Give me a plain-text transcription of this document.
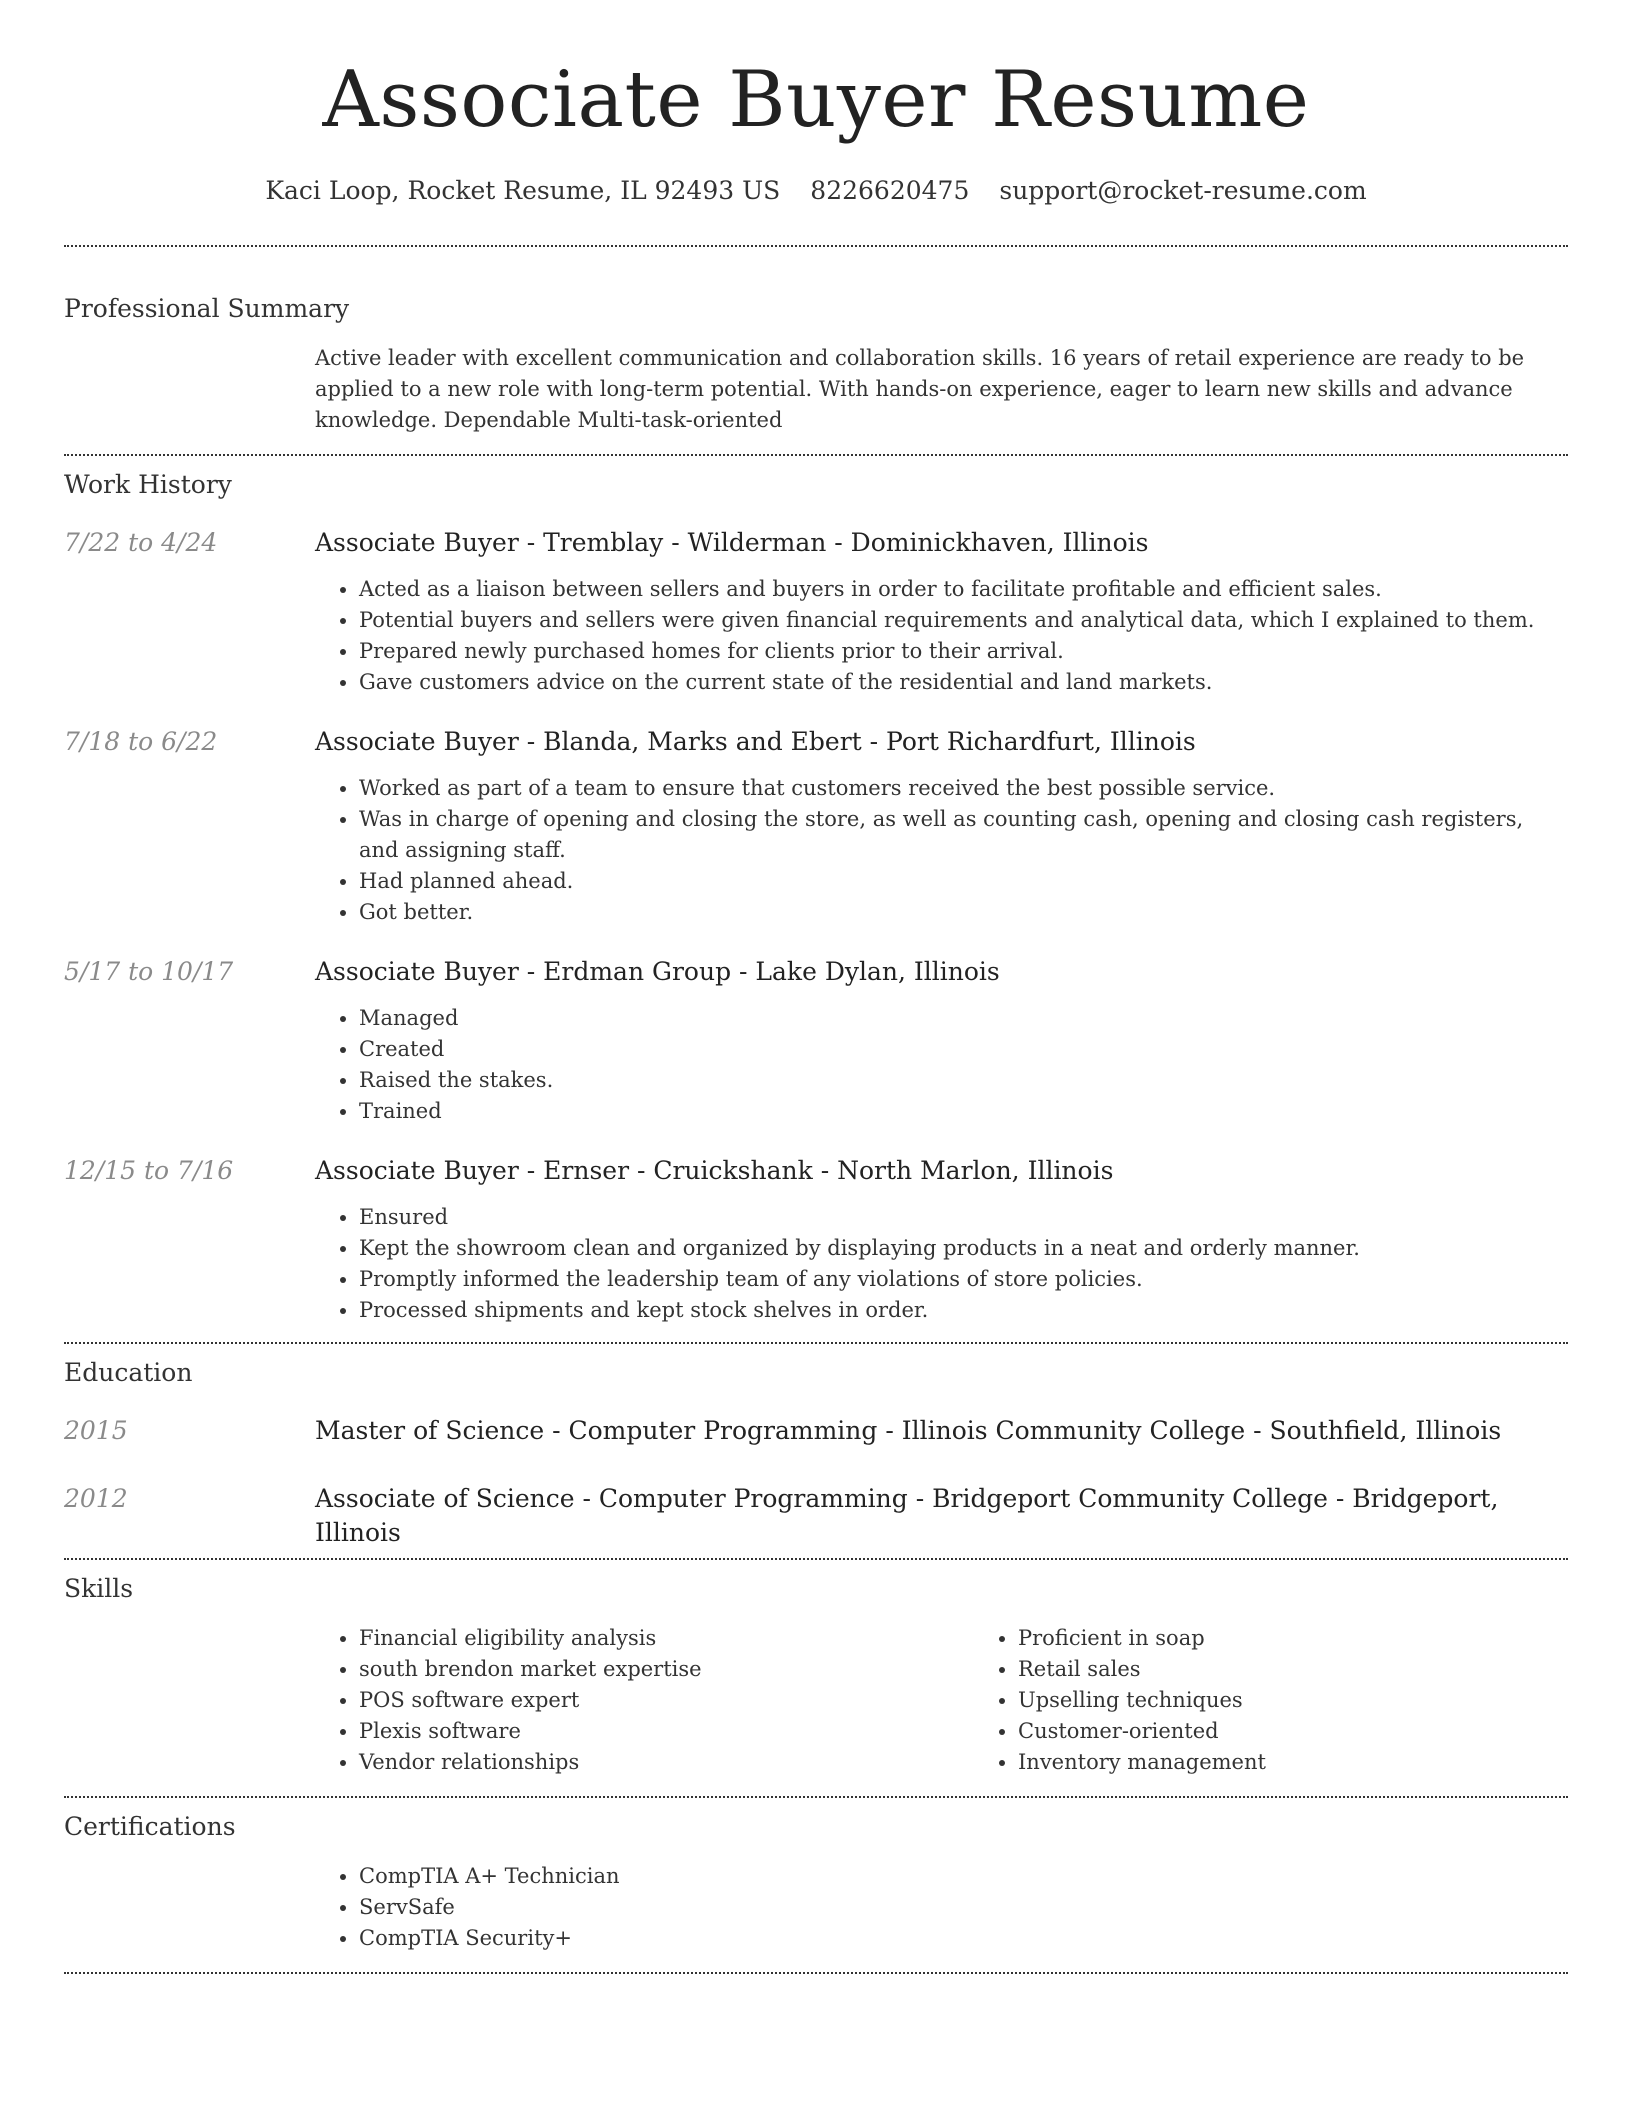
Associate Buyer Resume
Kaci Loop, Rocket Resume, IL 92493 US 8226620475 support@rocket-resume.com
Professional Summary
Active leader with excellent communication and collaboration skills. 16 years of retail experience are ready to be applied to a new role with long-term potential. With hands-on experience, eager to learn new skills and advance knowledge. Dependable Multi-task-oriented
Work History
7/22 to 4/24	Associate Buyer - Tremblay - Wilderman - Dominickhaven, Illinois
• Acted as a liaison between sellers and buyers in order to facilitate profitable and efficient sales.
• Potential buyers and sellers were given financial requirements and analytical data, which I explained to them.
• Prepared newly purchased homes for clients prior to their arrival.
• Gave customers advice on the current state of the residential and land markets.
7/18 to 6/22	Associate Buyer - Blanda, Marks and Ebert - Port Richardfurt, Illinois
• Worked as part of a team to ensure that customers received the best possible service.
• Was in charge of opening and closing the store, as well as counting cash, opening and closing cash registers, and assigning staff.
• Had planned ahead.
• Got better.
5/17 to 10/17	Associate Buyer - Erdman Group - Lake Dylan, Illinois
• Managed
• Created
• Raised the stakes.
• Trained
12/15 to 7/16	Associate Buyer - Ernser - Cruickshank - North Marlon, Illinois
• Ensured
• Kept the showroom clean and organized by displaying products in a neat and orderly manner.
• Promptly informed the leadership team of any violations of store policies.
• Processed shipments and kept stock shelves in order.
Education
2015	Master of Science - Computer Programming - Illinois Community College - Southfield, Illinois
2012	Associate of Science - Computer Programming - Bridgeport Community College - Bridgeport, Illinois
Skills
• Financial eligibility analysis
• south brendon market expertise
• POS software expert
• Plexis software
• Vendor relationships
• Proficient in soap
• Retail sales
• Upselling techniques
• Customer-oriented
• Inventory management
Certifications
• CompTIA A+ Technician
• ServSafe
• CompTIA Security+
